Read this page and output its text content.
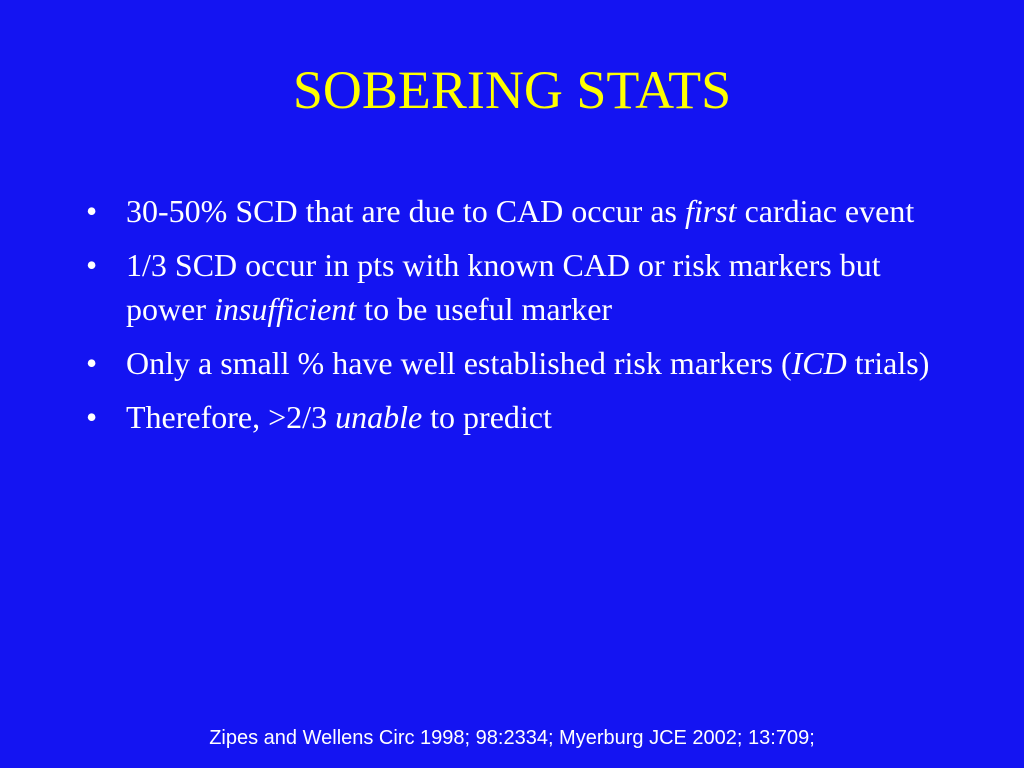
SOBERING STATS
• 30-50% SCD that are due to CAD occur as first cardiac event
• 1/3 SCD occur in pts with known CAD or risk markers but power insufficient to be useful marker
• Only a small % have well established risk markers (ICD trials)
• Therefore, >2/3 unable to predict
Zipes and Wellens Circ 1998; 98:2334; Myerburg JCE 2002; 13:709;
